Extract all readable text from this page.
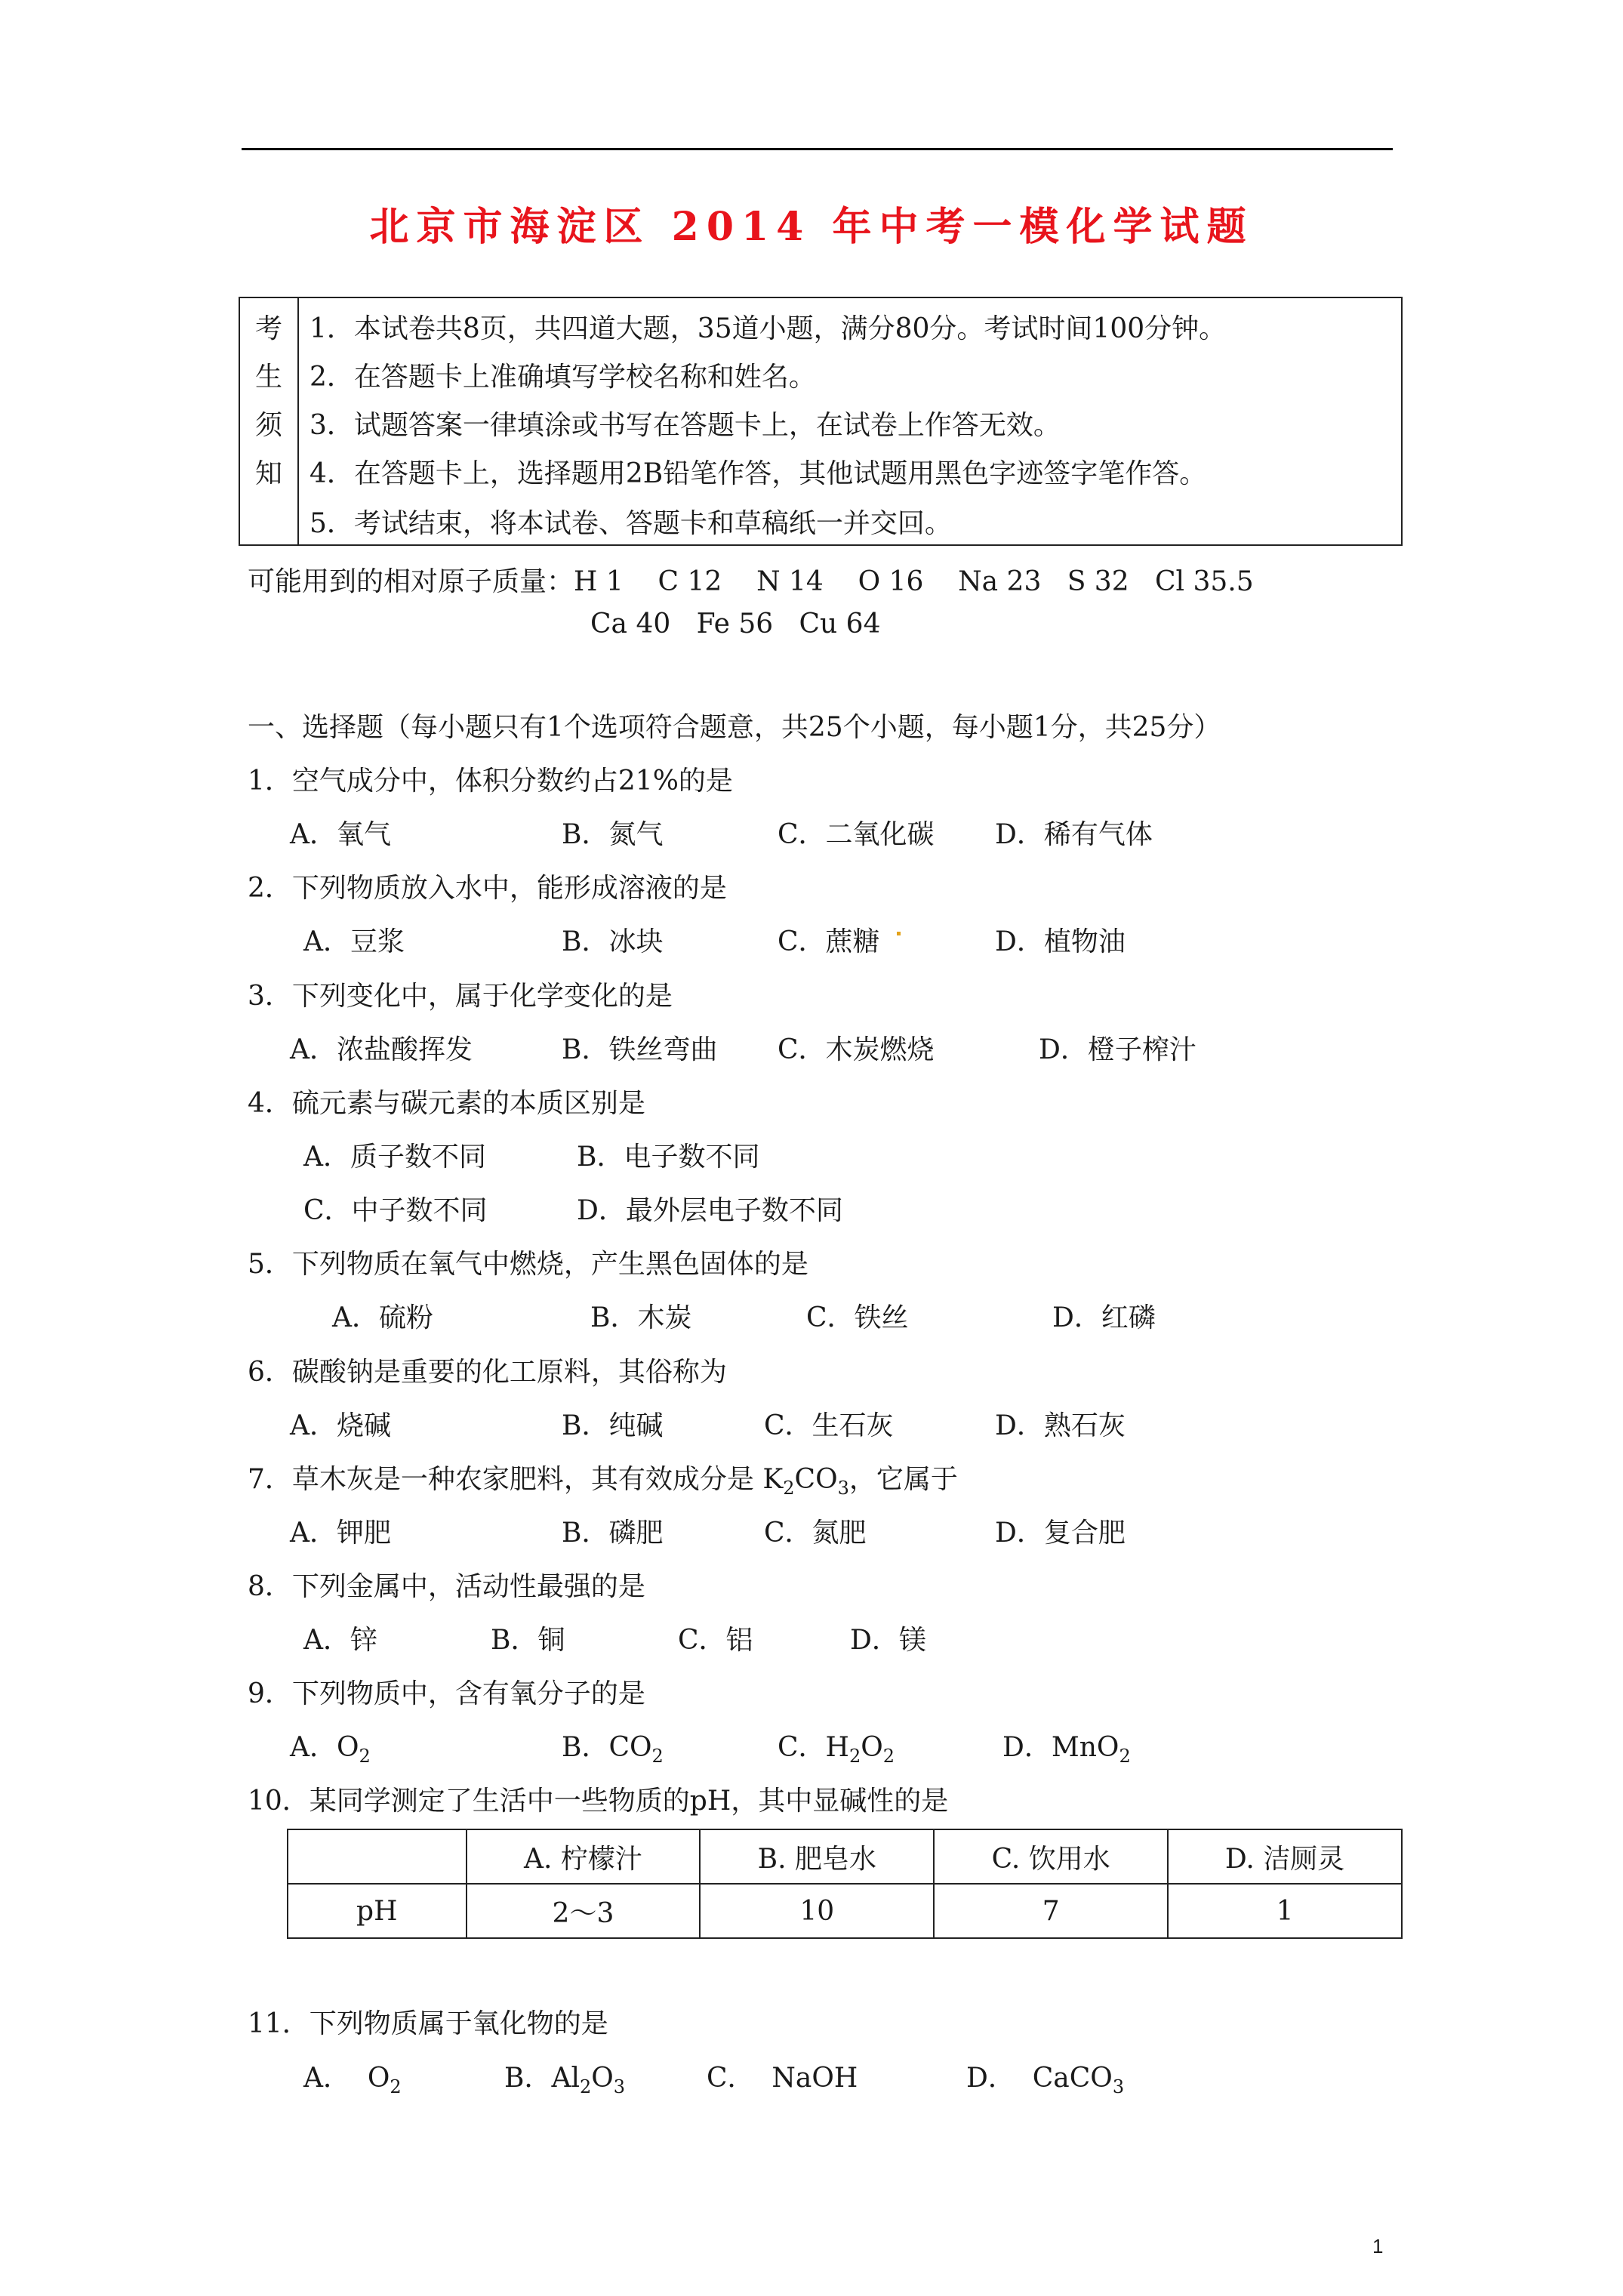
北京市海淀区 2014 年中考一模化学试题
考
生
须
知
1．本试卷共8页，共四道大题，35道小题，满分80分。考试时间100分钟。
2．在答题卡上准确填写学校名称和姓名。
3．试题答案一律填涂或书写在答题卡上，在试卷上作答无效。
4．在答题卡上，选择题用2B铅笔作答，其他试题用黑色字迹签字笔作答。
5．考试结束，将本试卷、答题卡和草稿纸一并交回。
可能用到的相对原子质量：H 1    C 12    N 14    O 16    Na 23   S 32   Cl 35.5
Ca 40   Fe 56   Cu 64
一、选择题（每小题只有1个选项符合题意，共25个小题，每小题1分，共25分）
1．空气成分中，体积分数约占21%的是
A．氧气	B．氮气	C．二氧化碳 D．稀有气体
2．下列物质放入水中，能形成溶液的是
A．豆浆	B．冰块	C．蔗糖	D．植物油
3．下列变化中，属于化学变化的是
A．浓盐酸挥发	B．铁丝弯曲 C．木炭燃烧	D．橙子榨汁
4．硫元素与碳元素的本质区别是
A．质子数不同	B．电子数不同
C．中子数不同	D．最外层电子数不同
5．下列物质在氧气中燃烧，产生黑色固体的是
A．硫粉	B．木炭	C．铁丝	D．红磷
6．碳酸钠是重要的化工原料，其俗称为
A．烧碱	B．纯碱	C．生石灰	D．熟石灰
7．草木灰是一种农家肥料，其有效成分是 $K_2CO_3$，它属于
A．钾肥	B．磷肥	C．氮肥	D．复合肥
8．下列金属中，活动性最强的是
A．锌	B．铜	C．铝	D．镁
9．下列物质中，含有氧分子的是
A．$O_2$	B．$CO_2$	C．$H_2O_2$	D．MnO$_2$
10．某同学测定了生活中一些物质的pH，其中显碱性的是
	A. 柠檬汁	B. 肥皂水	C. 饮用水	D. 洁厕灵
pH	2～3	10	7	1
11．下列物质属于氧化物的是
A．  $O_2$	B．$Al_2O_3$	C．  NaOH	D．  CaCO$_3$
1
